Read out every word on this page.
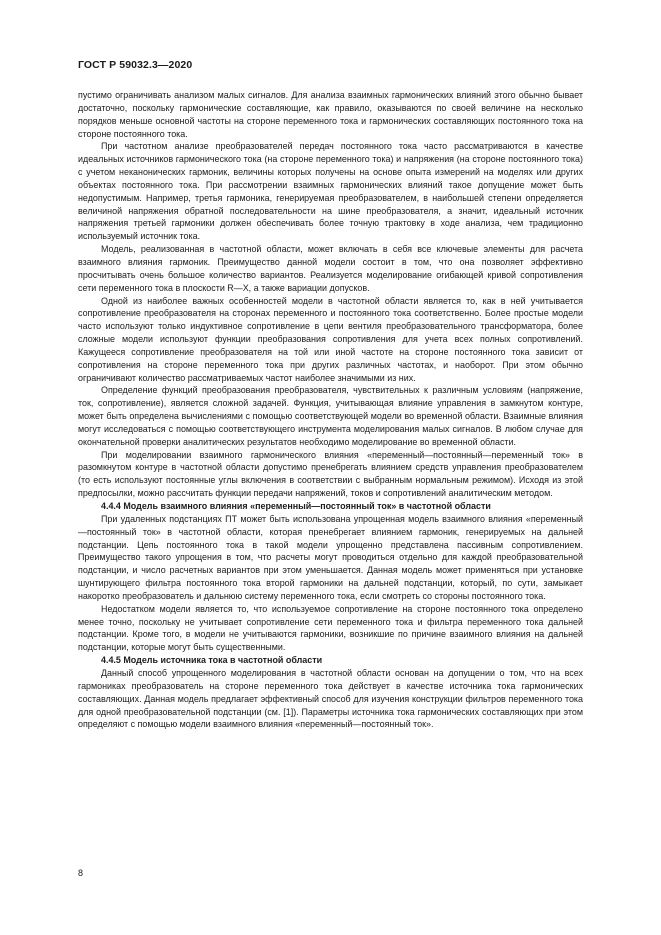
ГОСТ Р 59032.3—2020

пустимо ограничивать анализом малых сигналов. Для анализа взаимных гармонических влияний этого обычно бывает достаточно, поскольку гармонические составляющие, как правило, оказываются по своей величине на несколько порядков меньше основной частоты на стороне переменного тока и гармонических составляющих постоянного тока на стороне постоянного тока.

При частотном анализе преобразователей передач постоянного тока часто рассматриваются в качестве идеальных источников гармонического тока (на стороне переменного тока) и напряжения (на стороне постоянного тока) с учетом неканонических гармоник, величины которых получены на основе опыта измерений на моделях или других объектах постоянного тока. При рассмотрении взаимных гармонических влияний такое допущение может быть недопустимым. Например, третья гармоника, генерируемая преобразователем, в наибольшей степени определяется величиной напряжения обратной последовательности на шине преобразователя, а значит, идеальный источник напряжения третьей гармоники должен обеспечивать более точную трактовку в ходе анализа, чем традиционно используемый источник тока.

Модель, реализованная в частотной области, может включать в себя все ключевые элементы для расчета взаимного влияния гармоник. Преимущество данной модели состоит в том, что она позволяет эффективно просчитывать очень большое количество вариантов. Реализуется моделирование огибающей кривой сопротивления сети переменного тока в плоскости R—X, а также вариации допусков.

Одной из наиболее важных особенностей модели в частотной области является то, как в ней учитывается сопротивление преобразователя на сторонах переменного и постоянного тока соответственно. Более простые модели часто используют только индуктивное сопротивление в цепи вентиля преобразовательного трансформатора, более сложные модели используют функции преобразования сопротивления для учета всех полных сопротивлений. Кажущееся сопротивление преобразователя на той или иной частоте на стороне постоянного тока зависит от сопротивления на стороне переменного тока при других различных частотах, и наоборот. При этом обычно ограничивают количество рассматриваемых частот наиболее значимыми из них.

Определение функций преобразования преобразователя, чувствительных к различным условиям (напряжение, ток, сопротивление), является сложной задачей. Функция, учитывающая влияние управления в замкнутом контуре, может быть определена вычислениями с помощью соответствующей модели во временной области. Взаимные влияния могут исследоваться с помощью соответствующего инструмента моделирования малых сигналов. В любом случае для окончательной проверки аналитических результатов необходимо моделирование во временной области.

При моделировании взаимного гармонического влияния «переменный—постоянный—переменный ток» в разомкнутом контуре в частотной области допустимо пренебрегать влиянием средств управления преобразователем (то есть используют постоянные углы включения в соответствии с выбранным нормальным режимом). Исходя из этой предпосылки, можно рассчитать функции передачи напряжений, токов и сопротивлений аналитическим методом.

4.4.4 Модель взаимного влияния «переменный—постоянный ток» в частотной области

При удаленных подстанциях ПТ может быть использована упрощенная модель взаимного влияния «переменный—постоянный ток» в частотной области, которая пренебрегает влиянием гармоник, генерируемых на дальней подстанции. Цепь постоянного тока в такой модели упрощенно представлена пассивным сопротивлением. Преимущество такого упрощения в том, что расчеты могут проводиться отдельно для каждой преобразовательной подстанции, и число расчетных вариантов при этом уменьшается. Данная модель может применяться при установке шунтирующего фильтра постоянного тока второй гармоники на дальней подстанции, который, по сути, замыкает накоротко преобразователь и дальнюю систему переменного тока, если смотреть со стороны постоянного тока.

Недостатком модели является то, что используемое сопротивление на стороне постоянного тока определено менее точно, поскольку не учитывает сопротивление сети переменного тока и фильтра переменного тока дальней подстанции. Кроме того, в модели не учитываются гармоники, возникшие по причине взаимного влияния на дальней подстанции, которые могут быть существенными.

4.4.5 Модель источника тока в частотной области

Данный способ упрощенного моделирования в частотной области основан на допущении о том, что на всех гармониках преобразователь на стороне переменного тока действует в качестве источника тока гармонических составляющих. Данная модель предлагает эффективный способ для изучения конструкции фильтров переменного тока для одной преобразовательной подстанции (см. [1]). Параметры источника тока гармонических составляющих при этом определяют с помощью модели взаимного влияния «переменный—постоянный ток».

8
